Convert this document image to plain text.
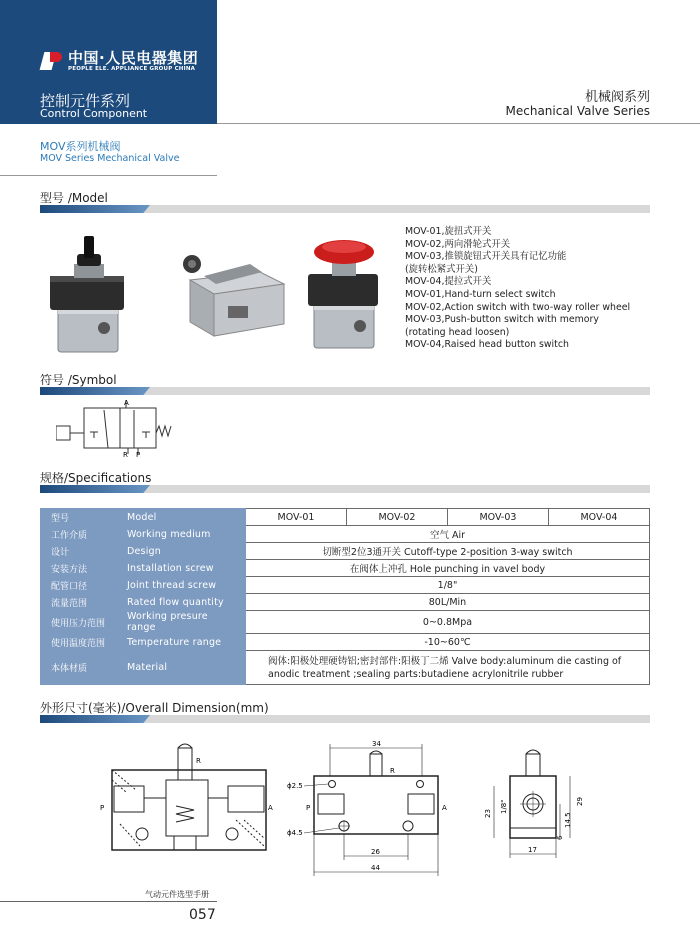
中国·人民电器集团
PEOPLE ELE. APPLIANCE GROUP CHINA
控制元件系列
Control Component
MOV系列机械阀
MOV Series Mechanical Valve
机械阀系列
Mechanical Valve Series
型号 /Model
MOV-01,旋扭式开关
MOV-02,两向滑轮式开关
MOV-03,推锁旋钮式开关具有记忆功能
(旋转松紧式开关)
MOV-04,提拉式开关
MOV-01,Hand-turn select switch
MOV-02,Action switch with two-way roller wheel
MOV-03,Push-button switch with memory
(rotating head loosen)
MOV-04,Raised head button switch
符号 /Symbol
A
R P
规格/Specifications
型号	Model	MOV-01	MOV-02	MOV-03	MOV-04
工作介质	Working medium	空气 Air			
设计	Design	切断型2位3通开关 Cutoff-type 2-position 3-way switch			
安装方法	Installation screw	在阀体上冲孔 Hole punching in vavel body			
配管口径	Joint thread screw	1/8"			
流量范围	Rated flow quantity	80L/Min			
使用压力范围	Working presure range	0~0.8Mpa			
使用温度范围	Temperature range	-10~60℃			
本体材质	Material	阀体:阳极处理硬铸铝;密封部件:阳极丁二烯 Valve body:aluminum die casting of
anodic treatment ;sealing parts:butadiene acrylonitrile rubber			
外形尺寸(毫米)/Overall Dimension(mm)
R
P	A
34
R
ϕ2.5
ϕ4.5
P	A
26
44
17
29
14.5
6
23 1/8"
气动元件选型手册
057
